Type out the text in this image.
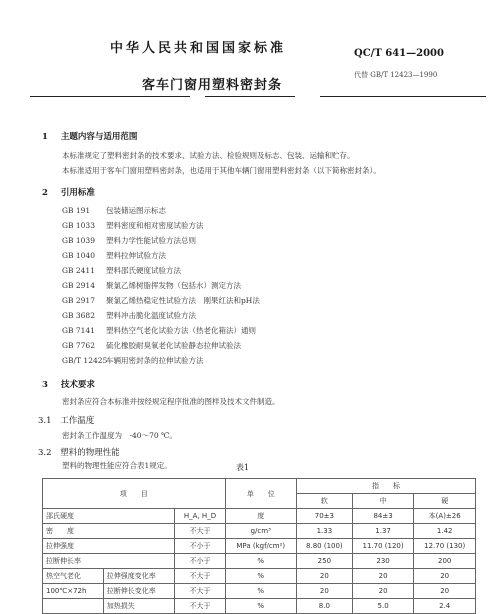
中华人民共和国国家标准	QC/T 641—2000
客车门窗用塑料密封条
代替 GB/T 12423—1990
1 主题内容与适用范围
本标准规定了塑料密封条的技术要求、试验方法、检验规则及标志、包装、运输和贮存。
本标准适用于客车门窗用塑料密封条，也适用于其他车辆门窗用塑料密封条（以下简称密封条）。
2 引用标准
GB 191 包装储运图示标志
GB 1033 塑料密度和相对密度试验方法
GB 1039 塑料力学性能试验方法总则
GB 1040 塑料拉伸试验方法
GB 2411 塑料邵氏硬度试验方法
GB 2914 聚氯乙烯树脂挥发物（包括水）测定方法
GB 2917 聚氯乙烯热稳定性试验方法　刚果红法和pH法
GB 3682 塑料冲击脆化温度试验方法
GB 7141 塑料热空气老化试验方法（热老化箱法）通则
GB 7762 硫化橡胶耐臭氧老化试验静态拉伸试验法
GB/T 12425车辆用密封条的拉伸试验方法
3 技术要求
密封条应符合本标准并按经规定程序批准的图样及技术文件制造。
3.1 工作温度
密封条工作温度为　-40～70 ℃。
3.2 塑料的物理性能
塑料的物理性能应符合表1规定。	表1
项　　目			单　　位	指　　标		
				软	中	硬
邵氏硬度		H_A, H_D	度	70±3	84±3	本(A)±26
密　　度		不大于	g/cm³	1.33	1.37	1.42
拉伸强度		不小于	MPa (kgf/cm²)	8.80 (100)	11.70 (120)	12.70 (130)
拉断伸长率		不小于	%	250	230	200
热空气老化	拉伸强度变化率	不大于	%	20	20	20
100℃×72h	拉断伸长变化率	不大于	%	20	20	20
	加热损失	不大于	%	8.0	5.0	2.4
